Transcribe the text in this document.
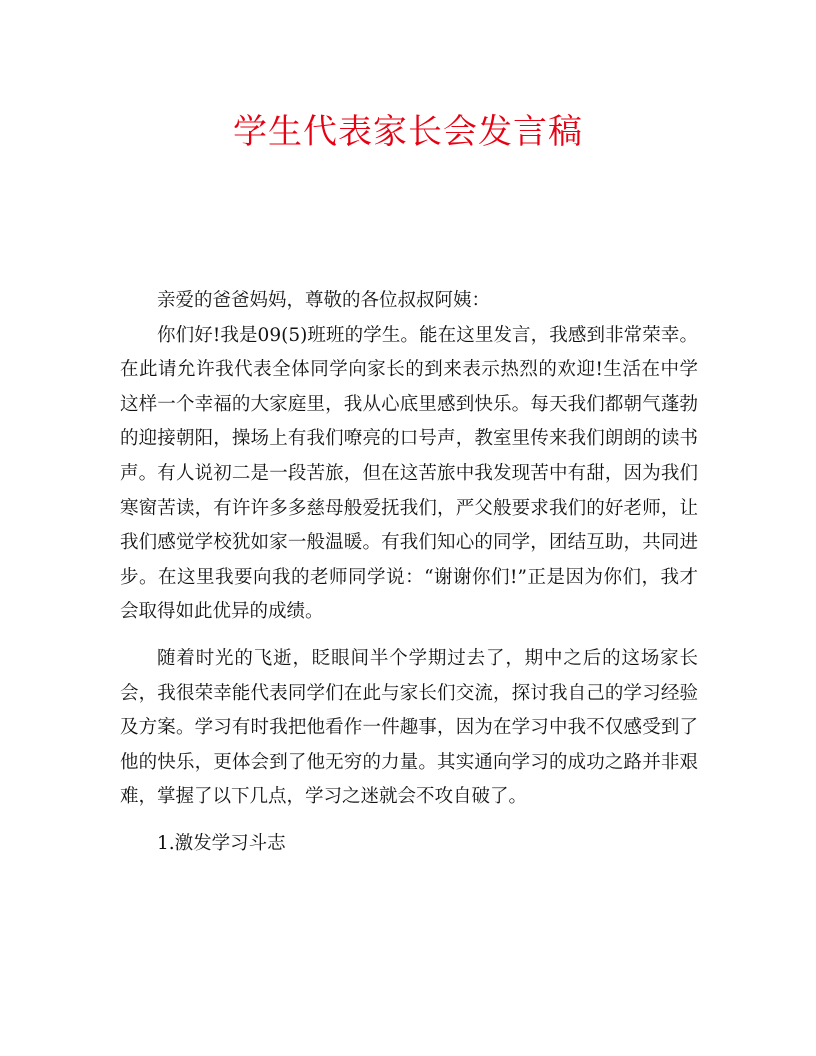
学生代表家长会发言稿

亲爱的爸爸妈妈，尊敬的各位叔叔阿姨：

你们好!我是09(5)班班的学生。能在这里发言，我感到非常荣幸。在此请允许我代表全体同学向家长的到来表示热烈的欢迎!生活在中学这样一个幸福的大家庭里，我从心底里感到快乐。每天我们都朝气蓬勃的迎接朝阳，操场上有我们嘹亮的口号声，教室里传来我们朗朗的读书声。有人说初二是一段苦旅，但在这苦旅中我发现苦中有甜，因为我们寒窗苦读，有许许多多慈母般爱抚我们，严父般要求我们的好老师，让我们感觉学校犹如家一般温暖。有我们知心的同学，团结互助，共同进步。在这里我要向我的老师同学说：“谢谢你们!”正是因为你们，我才会取得如此优异的成绩。

随着时光的飞逝，眨眼间半个学期过去了，期中之后的这场家长会，我很荣幸能代表同学们在此与家长们交流，探讨我自己的学习经验及方案。学习有时我把他看作一件趣事，因为在学习中我不仅感受到了他的快乐，更体会到了他无穷的力量。其实通向学习的成功之路并非艰难，掌握了以下几点，学习之迷就会不攻自破了。

1.激发学习斗志
